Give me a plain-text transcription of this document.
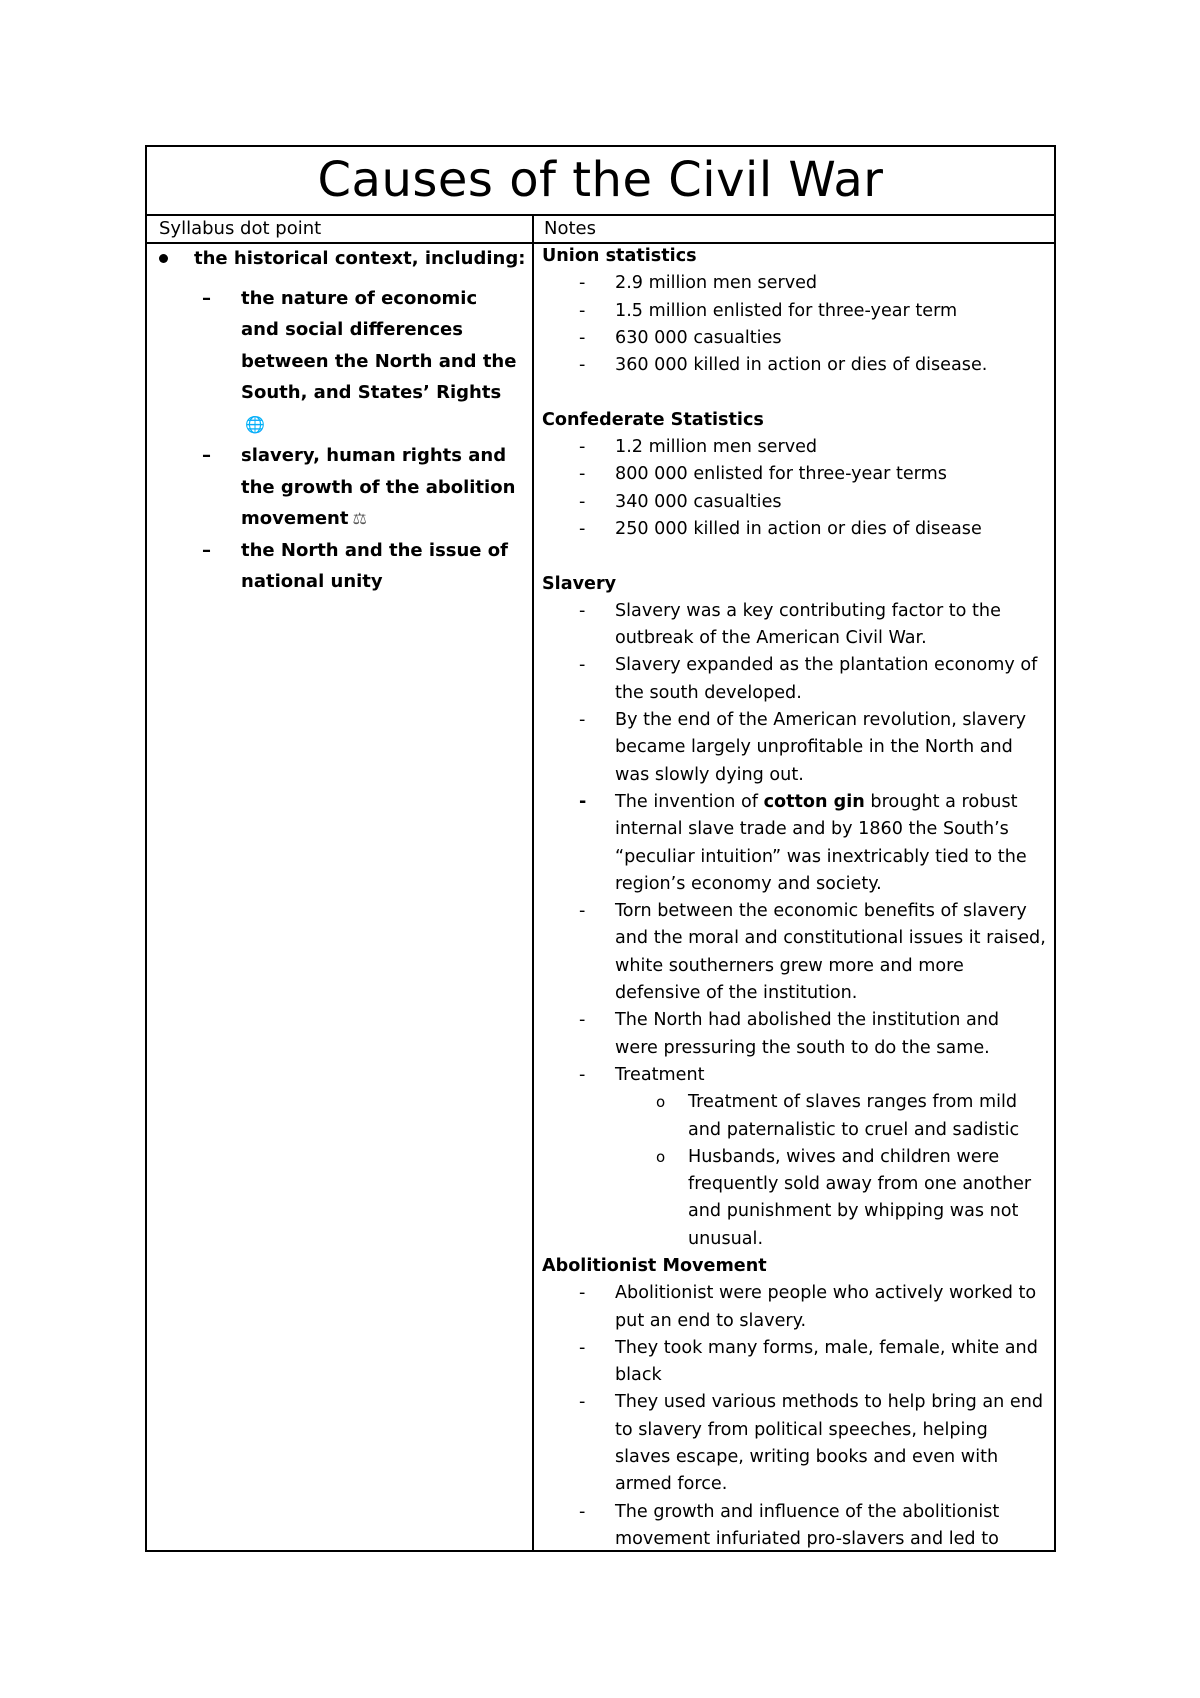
Causes of the Civil War
Syllabus dot point	Notes
the historical context, including:
– the nature of economic and social differences between the North and the South, and States’ Rights🌐
– slavery, human rights and the growth of the abolition movement ⚖
– the North and the issue of national unity
Union statistics
- 2.9 million men served
- 1.5 million enlisted for three-year term
- 630 000 casualties
- 360 000 killed in action or dies of disease.
Confederate Statistics
- 1.2 million men served
- 800 000 enlisted for three-year terms
- 340 000 casualties
- 250 000 killed in action or dies of disease
Slavery
- Slavery was a key contributing factor to the outbreak of the American Civil War.
- Slavery expanded as the plantation economy of the south developed.
- By the end of the American revolution, slavery became largely unprofitable in the North and was slowly dying out.
- The invention of cotton gin brought a robust internal slave trade and by 1860 the South’s “peculiar intuition” was inextricably tied to the region’s economy and society.
- Torn between the economic benefits of slavery and the moral and constitutional issues it raised, white southerners grew more and more defensive of the institution.
- The North had abolished the institution and were pressuring the south to do the same.
- Treatment
o Treatment of slaves ranges from mild and paternalistic to cruel and sadistic
o Husbands, wives and children were frequently sold away from one another and punishment by whipping was not unusual.
Abolitionist Movement
- Abolitionist were people who actively worked to put an end to slavery.
- They took many forms, male, female, white and black
- They used various methods to help bring an end to slavery from political speeches, helping slaves escape, writing books and even with armed force.
- The growth and influence of the abolitionist movement infuriated pro-slavers and led to
